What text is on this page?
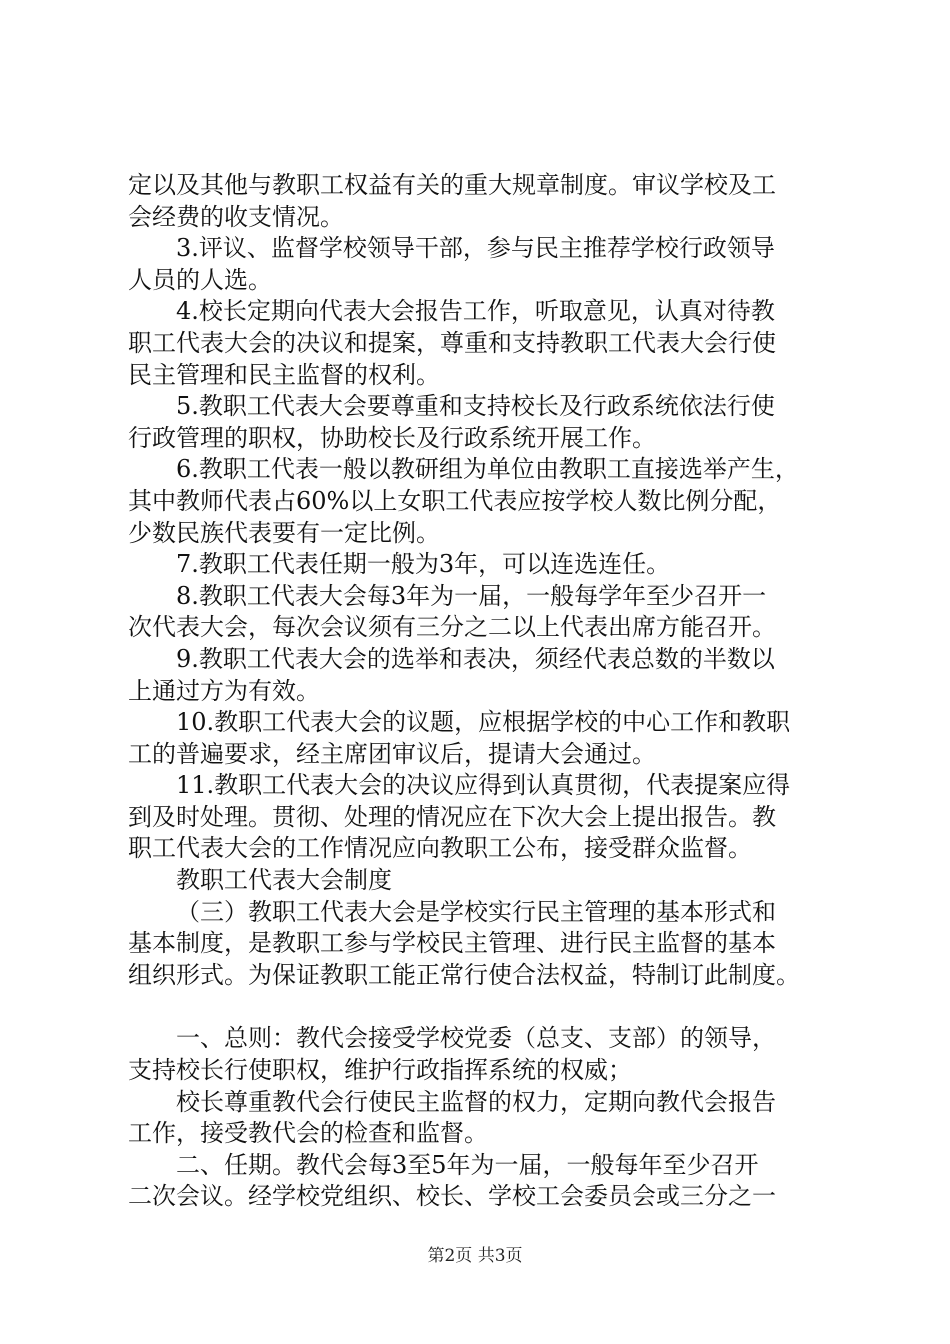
定以及其他与教职工权益有关的重大规章制度。审议学校及工
会经费的收支情况。
3.评议、监督学校领导干部，参与民主推荐学校行政领导
人员的人选。
4.校长定期向代表大会报告工作，听取意见，认真对待教
职工代表大会的决议和提案，尊重和支持教职工代表大会行使
民主管理和民主监督的权利。
5.教职工代表大会要尊重和支持校长及行政系统依法行使
行政管理的职权，协助校长及行政系统开展工作。
6.教职工代表一般以教研组为单位由教职工直接选举产生，
其中教师代表占60%以上女职工代表应按学校人数比例分配，
少数民族代表要有一定比例。
7.教职工代表任期一般为3年，可以连选连任。
8.教职工代表大会每3年为一届，一般每学年至少召开一
次代表大会，每次会议须有三分之二以上代表出席方能召开。
9.教职工代表大会的选举和表决，须经代表总数的半数以
上通过方为有效。
10.教职工代表大会的议题，应根据学校的中心工作和教职
工的普遍要求，经主席团审议后，提请大会通过。
11.教职工代表大会的决议应得到认真贯彻，代表提案应得
到及时处理。贯彻、处理的情况应在下次大会上提出报告。教
职工代表大会的工作情况应向教职工公布，接受群众监督。
教职工代表大会制度
（三）教职工代表大会是学校实行民主管理的基本形式和
基本制度，是教职工参与学校民主管理、进行民主监督的基本
组织形式。为保证教职工能正常行使合法权益，特制订此制度。
一、总则：教代会接受学校党委（总支、支部）的领导，
支持校长行使职权，维护行政指挥系统的权威；
校长尊重教代会行使民主监督的权力，定期向教代会报告
工作，接受教代会的检查和监督。
二、任期。教代会每3至5年为一届，一般每年至少召开
二次会议。经学校党组织、校长、学校工会委员会或三分之一
第2页 共3页
